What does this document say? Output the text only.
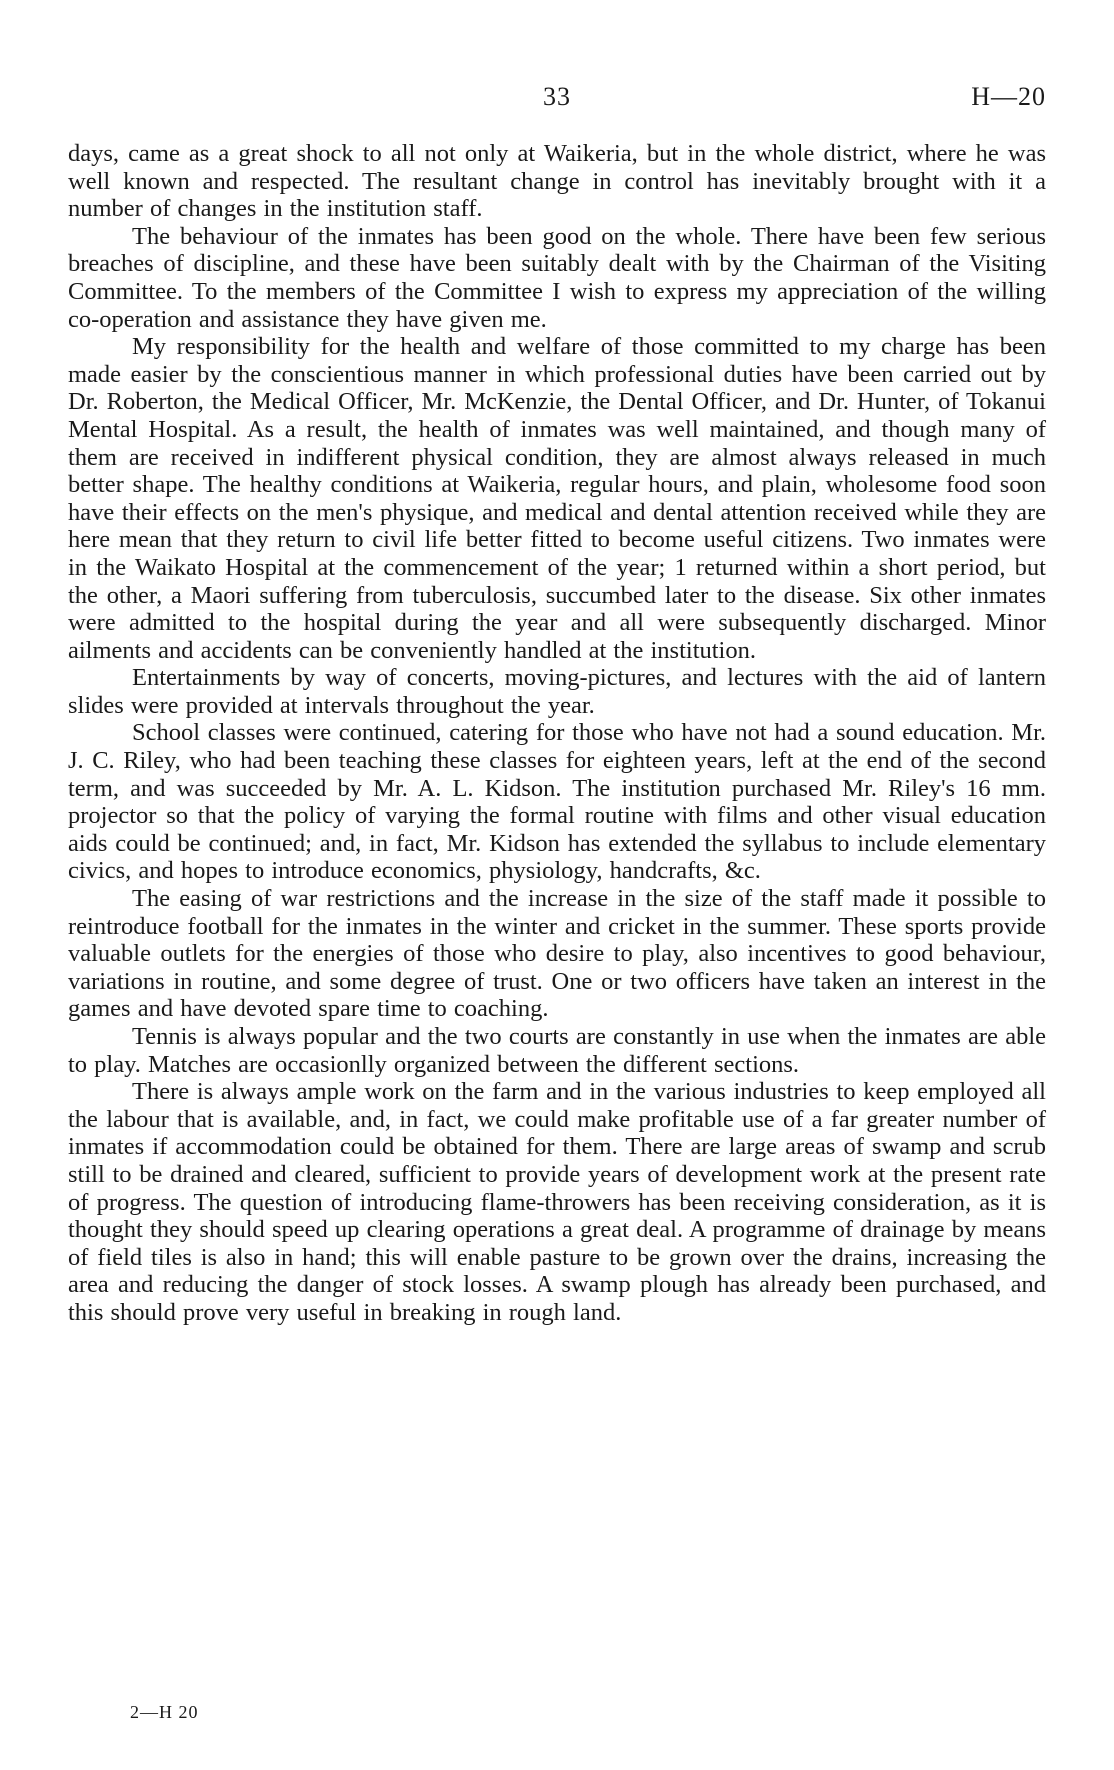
33	H—20

days, came as a great shock to all not only at Waikeria, but in the whole district, where he was well known and respected. The resultant change in control has inevitably brought with it a number of changes in the institution staff.

The behaviour of the inmates has been good on the whole. There have been few serious breaches of discipline, and these have been suitably dealt with by the Chairman of the Visiting Committee. To the members of the Committee I wish to express my appreciation of the willing co-operation and assistance they have given me.

My responsibility for the health and welfare of those committed to my charge has been made easier by the conscientious manner in which professional duties have been carried out by Dr. Roberton, the Medical Officer, Mr. McKenzie, the Dental Officer, and Dr. Hunter, of Tokanui Mental Hospital. As a result, the health of inmates was well maintained, and though many of them are received in indifferent physical condition, they are almost always released in much better shape. The healthy conditions at Waikeria, regular hours, and plain, wholesome food soon have their effects on the men's physique, and medical and dental attention received while they are here mean that they return to civil life better fitted to become useful citizens. Two inmates were in the Waikato Hospital at the commencement of the year; 1 returned within a short period, but the other, a Maori suffering from tuberculosis, succumbed later to the disease. Six other inmates were admitted to the hospital during the year and all were subsequently discharged. Minor ailments and accidents can be conveniently handled at the institution.

Entertainments by way of concerts, moving-pictures, and lectures with the aid of lantern slides were provided at intervals throughout the year.

School classes were continued, catering for those who have not had a sound education. Mr. J. C. Riley, who had been teaching these classes for eighteen years, left at the end of the second term, and was succeeded by Mr. A. L. Kidson. The institution purchased Mr. Riley's 16 mm. projector so that the policy of varying the formal routine with films and other visual education aids could be continued; and, in fact, Mr. Kidson has extended the syllabus to include elementary civics, and hopes to introduce economics, physiology, handcrafts, &c.

The easing of war restrictions and the increase in the size of the staff made it possible to reintroduce football for the inmates in the winter and cricket in the summer. These sports provide valuable outlets for the energies of those who desire to play, also incentives to good behaviour, variations in routine, and some degree of trust. One or two officers have taken an interest in the games and have devoted spare time to coaching.

Tennis is always popular and the two courts are constantly in use when the inmates are able to play. Matches are occasionlly organized between the different sections.

There is always ample work on the farm and in the various industries to keep employed all the labour that is available, and, in fact, we could make profitable use of a far greater number of inmates if accommodation could be obtained for them. There are large areas of swamp and scrub still to be drained and cleared, sufficient to provide years of development work at the present rate of progress. The question of introducing flame-throwers has been receiving consideration, as it is thought they should speed up clearing operations a great deal. A programme of drainage by means of field tiles is also in hand; this will enable pasture to be grown over the drains, increasing the area and reducing the danger of stock losses. A swamp plough has already been purchased, and this should prove very useful in breaking in rough land.

2—H 20
